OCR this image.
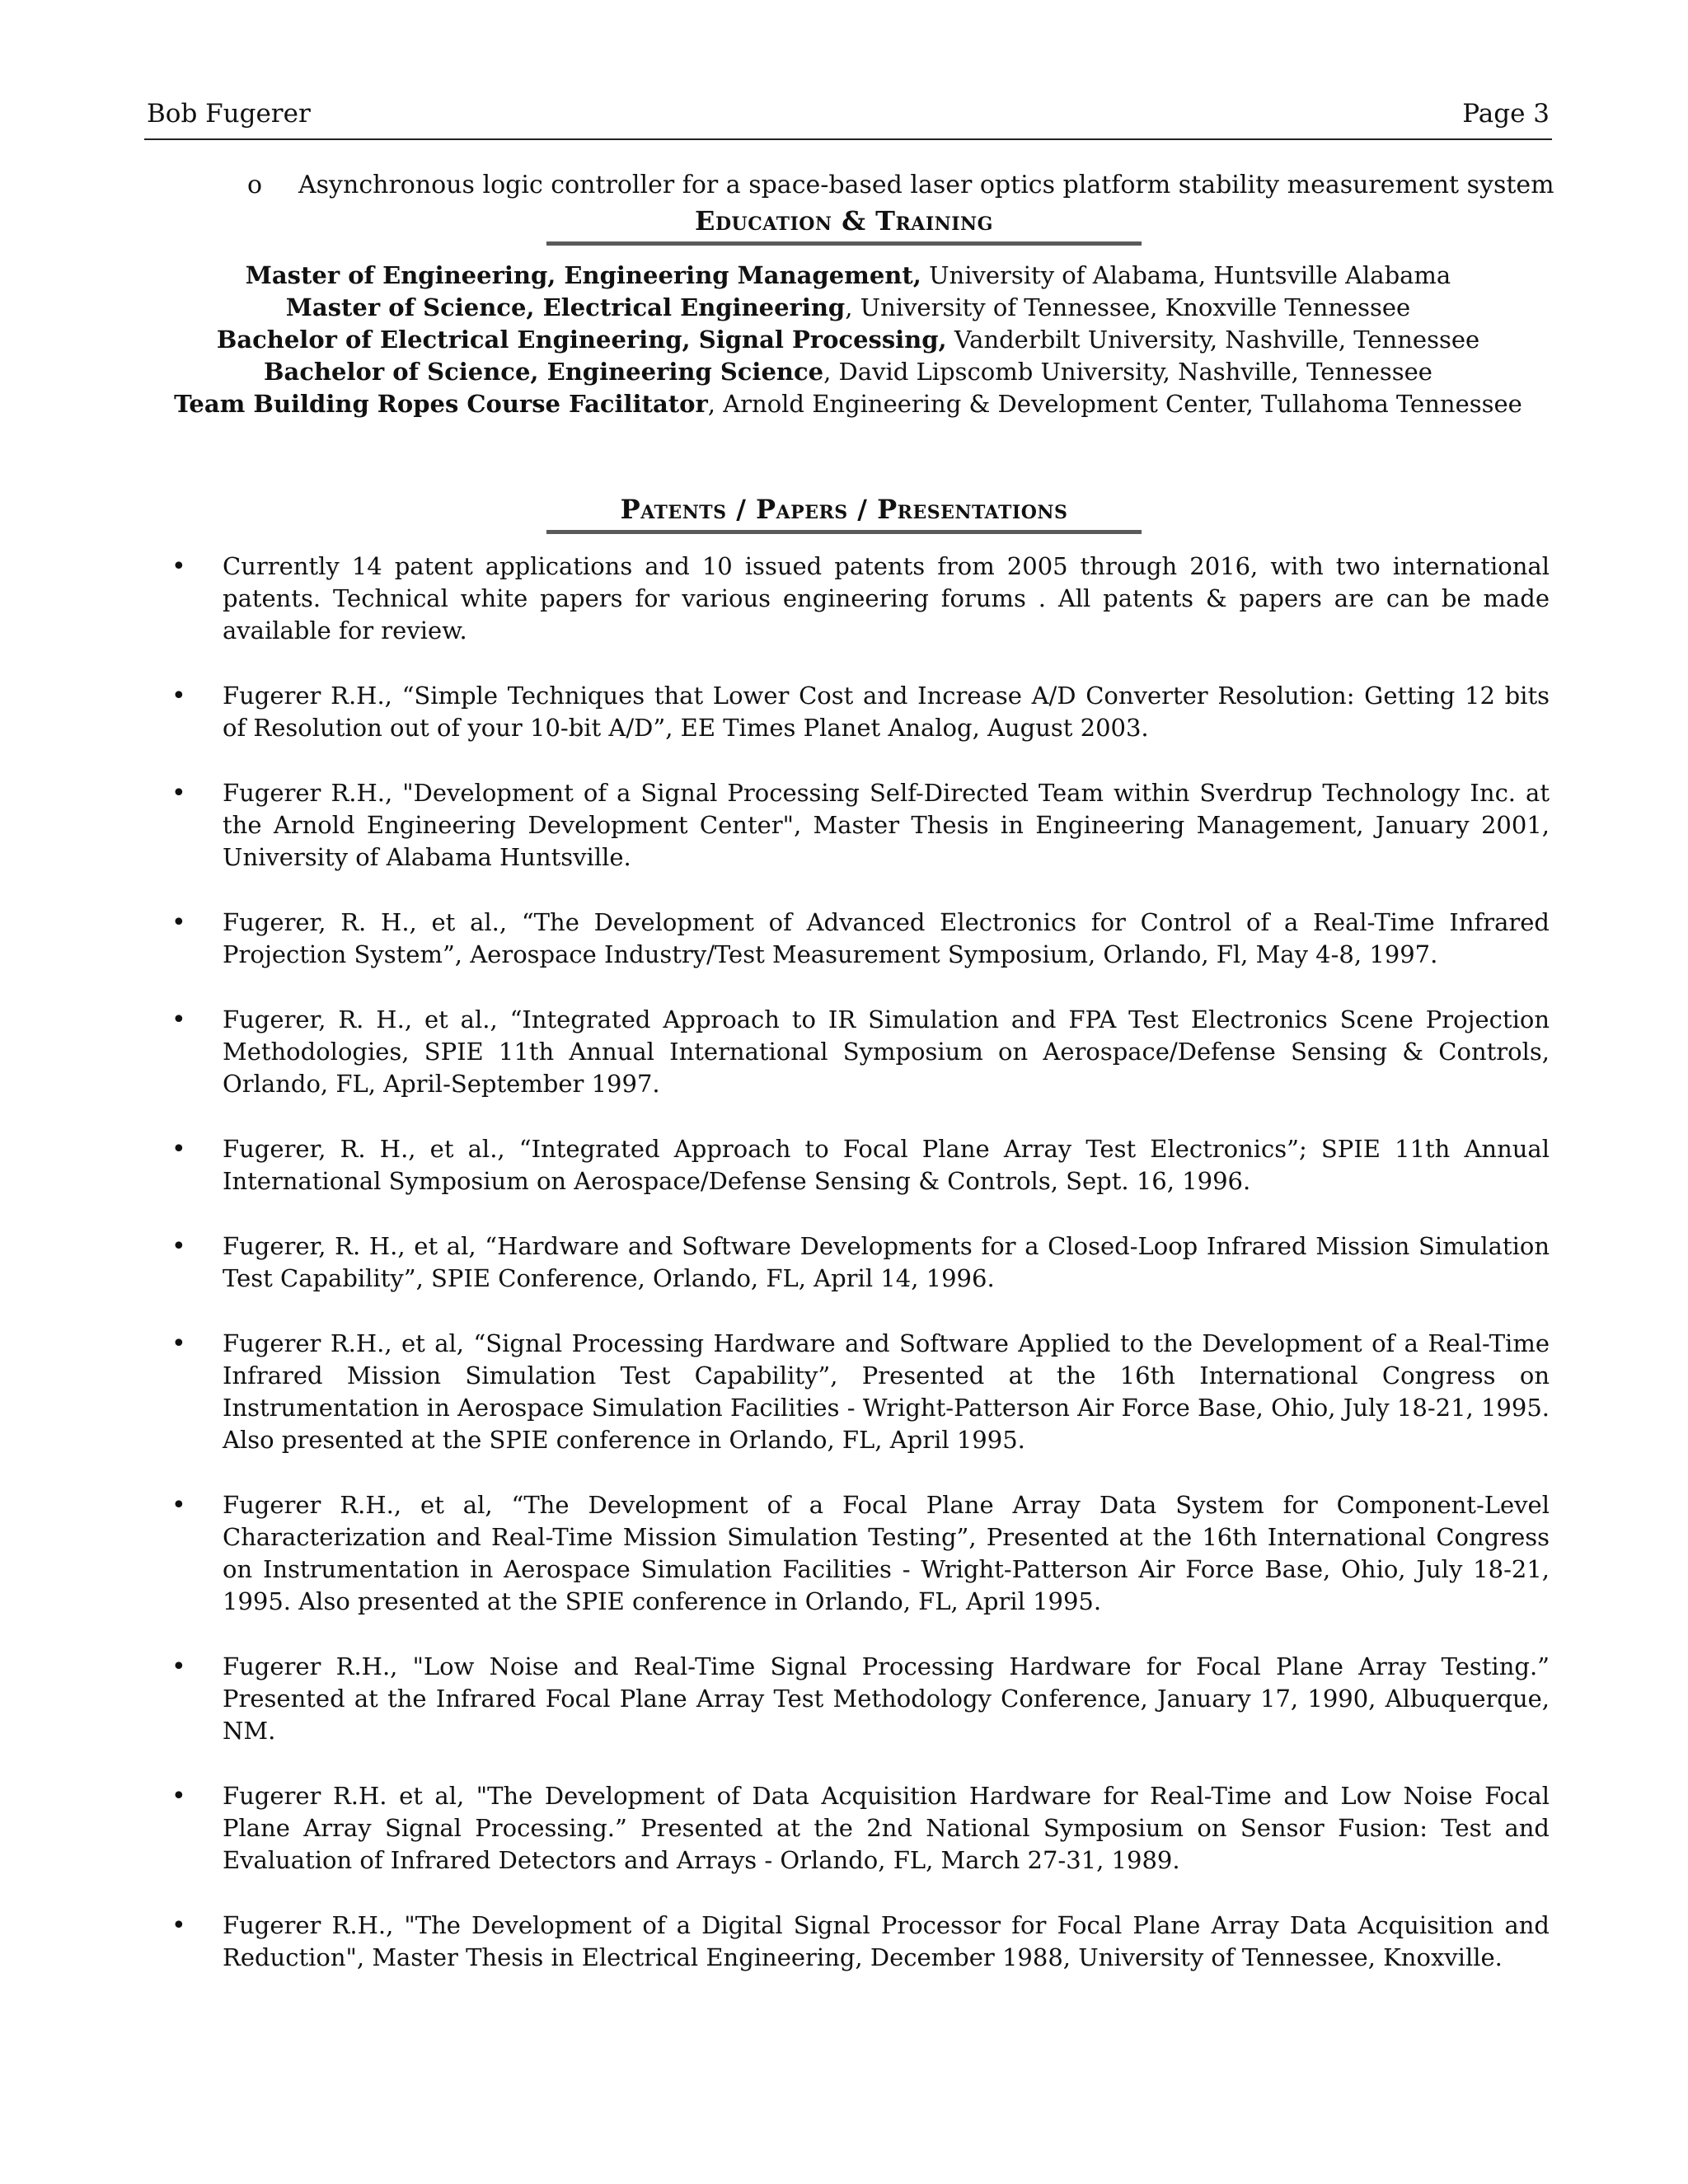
Bob Fugerer	Page 3
o Asynchronous logic controller for a space-based laser optics platform stability measurement system
Education & Training
Master of Engineering, Engineering Management, University of Alabama, Huntsville Alabama
Master of Science, Electrical Engineering, University of Tennessee, Knoxville Tennessee
Bachelor of Electrical Engineering, Signal Processing, Vanderbilt University, Nashville, Tennessee
Bachelor of Science, Engineering Science, David Lipscomb University, Nashville, Tennessee
Team Building Ropes Course Facilitator, Arnold Engineering & Development Center, Tullahoma Tennessee
Patents / Papers / Presentations
• Currently 14 patent applications and 10 issued patents from 2005 through 2016, with two international patents. Technical white papers for various engineering forums . All patents & papers are can be made available for review.
• Fugerer R.H., “Simple Techniques that Lower Cost and Increase A/D Converter Resolution: Getting 12 bits of Resolution out of your 10-bit A/D”, EE Times Planet Analog, August 2003.
• Fugerer R.H., "Development of a Signal Processing Self-Directed Team within Sverdrup Technology Inc. at the Arnold Engineering Development Center", Master Thesis in Engineering Management, January 2001, University of Alabama Huntsville.
• Fugerer, R. H., et al., “The Development of Advanced Electronics for Control of a Real-Time Infrared Projection System”, Aerospace Industry/Test Measurement Symposium, Orlando, Fl, May 4-8, 1997.
• Fugerer, R. H., et al., “Integrated Approach to IR Simulation and FPA Test Electronics Scene Projection Methodologies, SPIE 11th Annual International Symposium on Aerospace/Defense Sensing & Controls, Orlando, FL, April-September 1997.
• Fugerer, R. H., et al., “Integrated Approach to Focal Plane Array Test Electronics”; SPIE 11th Annual International Symposium on Aerospace/Defense Sensing & Controls, Sept. 16, 1996.
• Fugerer, R. H., et al, “Hardware and Software Developments for a Closed-Loop Infrared Mission Simulation Test Capability”, SPIE Conference, Orlando, FL, April 14, 1996.
• Fugerer R.H., et al, “Signal Processing Hardware and Software Applied to the Development of a Real-Time Infrared Mission Simulation Test Capability”, Presented at the 16th International Congress on Instrumentation in Aerospace Simulation Facilities - Wright-Patterson Air Force Base, Ohio, July 18-21, 1995. Also presented at the SPIE conference in Orlando, FL, April 1995.
• Fugerer R.H., et al, “The Development of a Focal Plane Array Data System for Component-Level Characterization and Real-Time Mission Simulation Testing”, Presented at the 16th International Congress on Instrumentation in Aerospace Simulation Facilities - Wright-Patterson Air Force Base, Ohio, July 18-21, 1995. Also presented at the SPIE conference in Orlando, FL, April 1995.
• Fugerer R.H., "Low Noise and Real-Time Signal Processing Hardware for Focal Plane Array Testing.” Presented at the Infrared Focal Plane Array Test Methodology Conference, January 17, 1990, Albuquerque, NM.
• Fugerer R.H. et al, "The Development of Data Acquisition Hardware for Real-Time and Low Noise Focal Plane Array Signal Processing.” Presented at the 2nd National Symposium on Sensor Fusion: Test and Evaluation of Infrared Detectors and Arrays - Orlando, FL, March 27-31, 1989.
• Fugerer R.H., "The Development of a Digital Signal Processor for Focal Plane Array Data Acquisition and Reduction", Master Thesis in Electrical Engineering, December 1988, University of Tennessee, Knoxville.
